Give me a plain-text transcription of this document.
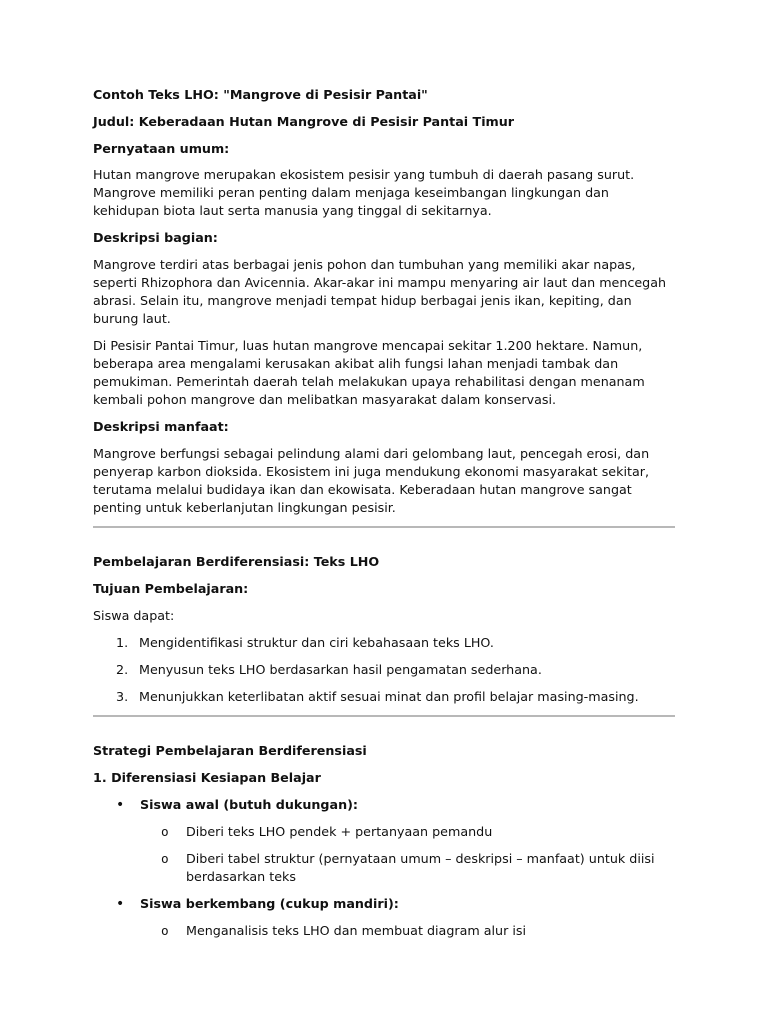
Contoh Teks LHO: "Mangrove di Pesisir Pantai"

Judul: Keberadaan Hutan Mangrove di Pesisir Pantai Timur

Pernyataan umum:

Hutan mangrove merupakan ekosistem pesisir yang tumbuh di daerah pasang surut. Mangrove memiliki peran penting dalam menjaga keseimbangan lingkungan dan kehidupan biota laut serta manusia yang tinggal di sekitarnya.

Deskripsi bagian:

Mangrove terdiri atas berbagai jenis pohon dan tumbuhan yang memiliki akar napas, seperti Rhizophora dan Avicennia. Akar-akar ini mampu menyaring air laut dan mencegah abrasi. Selain itu, mangrove menjadi tempat hidup berbagai jenis ikan, kepiting, dan burung laut.

Di Pesisir Pantai Timur, luas hutan mangrove mencapai sekitar 1.200 hektare. Namun, beberapa area mengalami kerusakan akibat alih fungsi lahan menjadi tambak dan pemukiman. Pemerintah daerah telah melakukan upaya rehabilitasi dengan menanam kembali pohon mangrove dan melibatkan masyarakat dalam konservasi.

Deskripsi manfaat:

Mangrove berfungsi sebagai pelindung alami dari gelombang laut, pencegah erosi, dan penyerap karbon dioksida. Ekosistem ini juga mendukung ekonomi masyarakat sekitar, terutama melalui budidaya ikan dan ekowisata. Keberadaan hutan mangrove sangat penting untuk keberlanjutan lingkungan pesisir.

Pembelajaran Berdiferensiasi: Teks LHO

Tujuan Pembelajaran:

Siswa dapat:

1. Mengidentifikasi struktur dan ciri kebahasaan teks LHO.
2. Menyusun teks LHO berdasarkan hasil pengamatan sederhana.
3. Menunjukkan keterlibatan aktif sesuai minat dan profil belajar masing-masing.

Strategi Pembelajaran Berdiferensiasi

1. Diferensiasi Kesiapan Belajar

• Siswa awal (butuh dukungan):
o Diberi teks LHO pendek + pertanyaan pemandu
o Diberi tabel struktur (pernyataan umum – deskripsi – manfaat) untuk diisi berdasarkan teks
• Siswa berkembang (cukup mandiri):
o Menganalisis teks LHO dan membuat diagram alur isi
